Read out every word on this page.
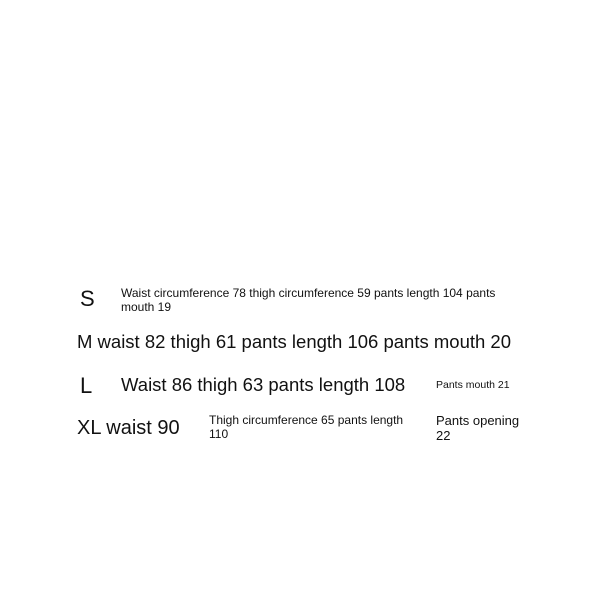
S Waist circumference 78 thigh circumference 59 pants length 104 pants mouth 19
M waist 82 thigh 61 pants length 106 pants mouth 20
L Waist 86 thigh 63 pants length 108	Pants mouth 21
XL waist 90 Thigh circumference 65 pants length 110
Pants opening 22
